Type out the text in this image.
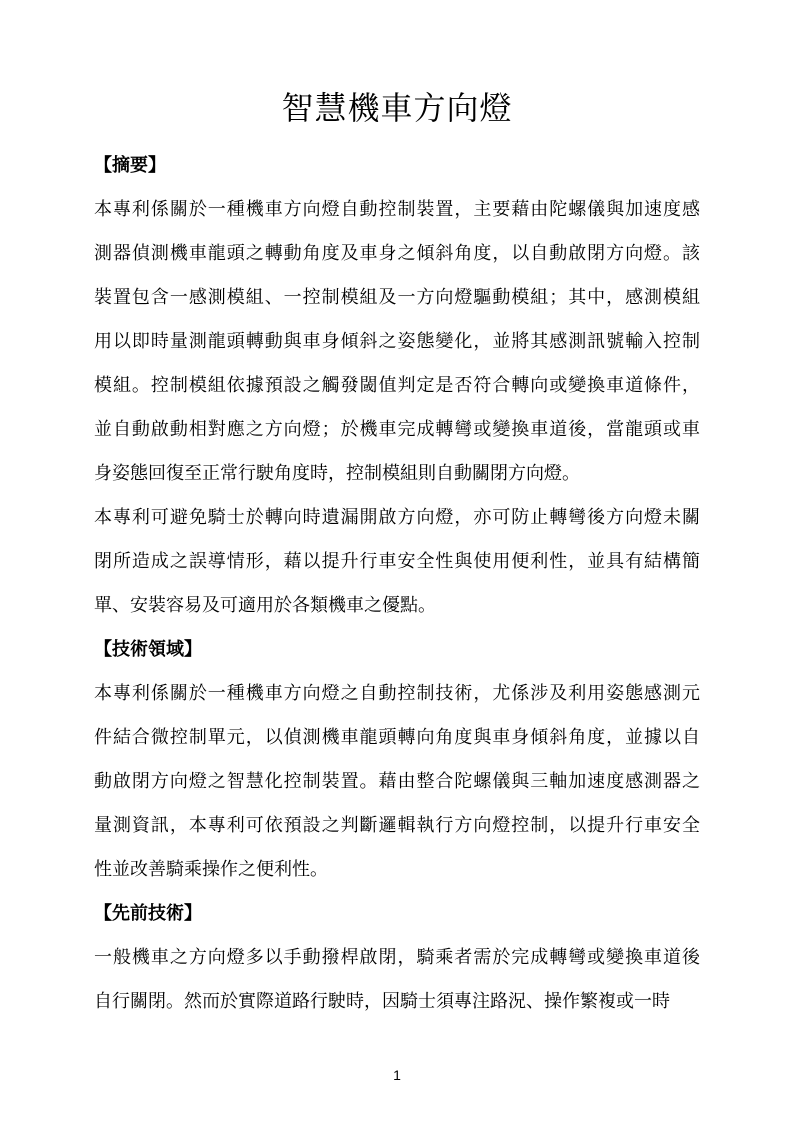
智慧機車方向燈
【摘要】
本專利係關於一種機車方向燈自動控制裝置，主要藉由陀螺儀與加速度感
測器偵測機車龍頭之轉動角度及車身之傾斜角度，以自動啟閉方向燈。該
裝置包含一感測模組、一控制模組及一方向燈驅動模組；其中，感測模組
用以即時量測龍頭轉動與車身傾斜之姿態變化，並將其感測訊號輸入控制
模組。控制模組依據預設之觸發閾值判定是否符合轉向或變換車道條件，
並自動啟動相對應之方向燈；於機車完成轉彎或變換車道後，當龍頭或車
身姿態回復至正常行駛角度時，控制模組則自動關閉方向燈。
本專利可避免騎士於轉向時遺漏開啟方向燈，亦可防止轉彎後方向燈未關
閉所造成之誤導情形，藉以提升行車安全性與使用便利性，並具有結構簡
單、安裝容易及可適用於各類機車之優點。
【技術領域】
本專利係關於一種機車方向燈之自動控制技術，尤係涉及利用姿態感測元
件結合微控制單元，以偵測機車龍頭轉向角度與車身傾斜角度，並據以自
動啟閉方向燈之智慧化控制裝置。藉由整合陀螺儀與三軸加速度感測器之
量測資訊，本專利可依預設之判斷邏輯執行方向燈控制，以提升行車安全
性並改善騎乘操作之便利性。
【先前技術】
一般機車之方向燈多以手動撥桿啟閉，騎乘者需於完成轉彎或變換車道後
自行關閉。然而於實際道路行駛時，因騎士須專注路況、操作繁複或一時
1
